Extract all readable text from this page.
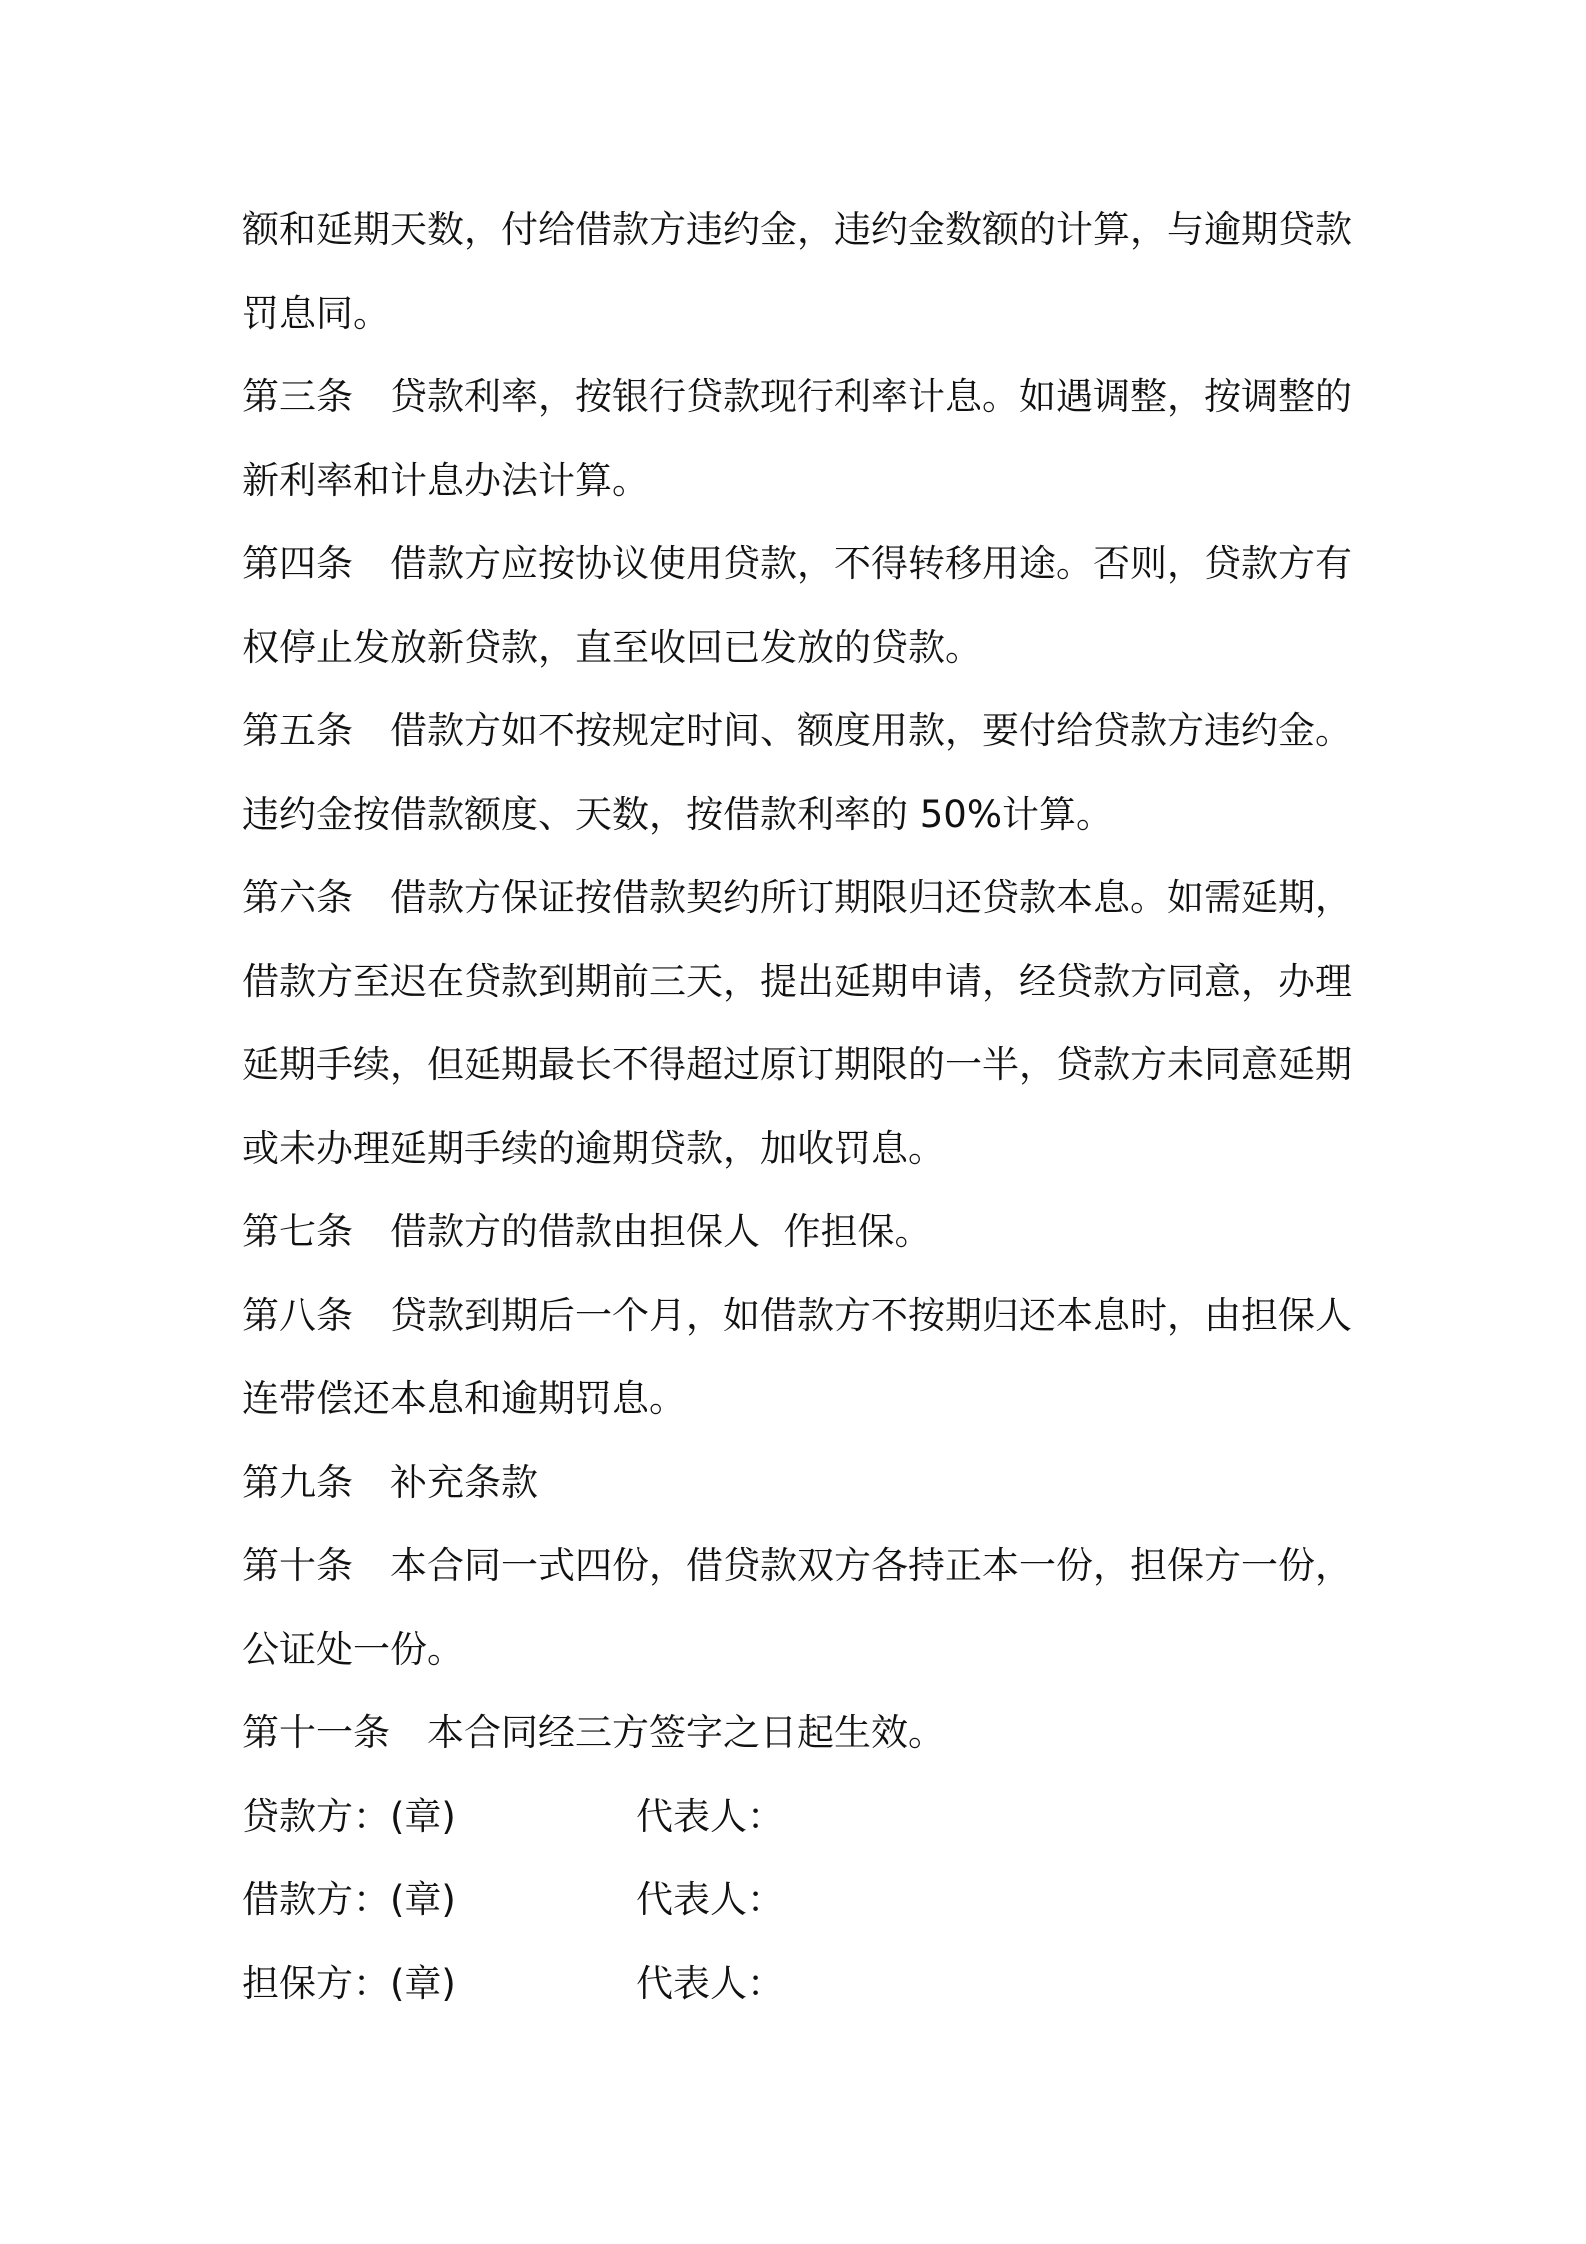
额和延期天数，付给借款方违约金，违约金数额的计算，与逾期贷款

罚息同。

第三条　贷款利率，按银行贷款现行利率计息。如遇调整，按调整的

新利率和计息办法计算。

第四条　借款方应按协议使用贷款，不得转移用途。否则，贷款方有

权停止发放新贷款，直至收回已发放的贷款。

第五条　借款方如不按规定时间、额度用款，要付给贷款方违约金。

违约金按借款额度、天数，按借款利率的 50%计算。

第六条　借款方保证按借款契约所订期限归还贷款本息。如需延期，

借款方至迟在贷款到期前三天，提出延期申请，经贷款方同意，办理

延期手续，但延期最长不得超过原订期限的一半，贷款方未同意延期

或未办理延期手续的逾期贷款，加收罚息。

第七条　借款方的借款由担保人  作担保。

第八条　贷款到期后一个月，如借款方不按期归还本息时，由担保人

连带偿还本息和逾期罚息。

第九条　补充条款

第十条　本合同一式四份，借贷款双方各持正本一份，担保方一份，

公证处一份。

第十一条　本合同经三方签字之日起生效。

贷款方：(章)	代表人：
借款方：(章)	代表人：
担保方：(章)	代表人：
